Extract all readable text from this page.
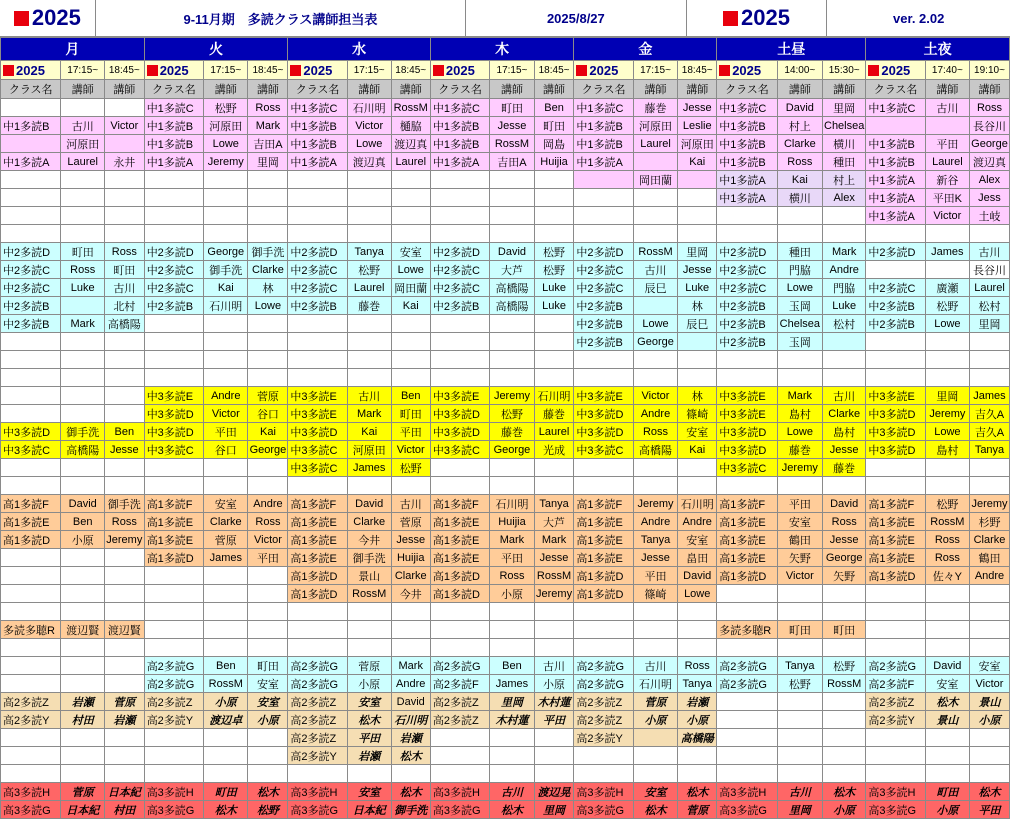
2025	9-11月期　多読クラス講師担当表	2025/8/27	2025	ver. 2.02
月			火			水			木			金			土昼			土夜		
2025	17:15~	18:45~	2025	17:15~	18:45~	2025	17:15~	18:45~	2025	17:15~	18:45~	2025	17:15~	18:45~	2025	14:00~	15:30~	2025	17:40~	19:10~
クラス名	講師	講師	クラス名	講師	講師	クラス名	講師	講師	クラス名	講師	講師	クラス名	講師	講師	クラス名	講師	講師	クラス名	講師	講師
			中1多読C	松野	Ross	中1多読C	石川明	RossM	中1多読C	町田	Ben	中1多読C	藤巻	Jesse	中1多読C	David	里岡	中1多読C	古川	Ross
中1多読B	古川	Victor	中1多読B	河原田	Mark	中1多読B	Victor	樋脇	中1多読B	Jesse	町田	中1多読B	河原田	Leslie	中1多読B	村上	Chelsea			長谷川
	河原田		中1多読B	Lowe	吉田A	中1多読B	Lowe	渡辺真	中1多読B	RossM	岡島	中1多読B	Laurel	河原田	中1多読B	Clarke	横川	中1多読B	平田	George
中1多読A	Laurel	永井	中1多読A	Jeremy	里岡	中1多読A	渡辺真	Laurel	中1多読A	吉田A	Huijia	中1多読A		Kai	中1多読B	Ross	種田	中1多読B	Laurel	渡辺真
													岡田蘭		中1多読A	Kai	村上	中1多読A	新谷	Alex
															中1多読A	横川	Alex	中1多読A	平田K	Jess
																		中1多読A	Victor	土岐

中2多読D	町田	Ross	中2多読D	George	御手洗	中2多読D	Tanya	安室	中2多読D	David	松野	中2多読D	RossM	里岡	中2多読D	種田	Mark	中2多読D	James	古川
中2多読C	Ross	町田	中2多読C	御手洗	Clarke	中2多読C	松野	Lowe	中2多読C	大芦	松野	中2多読C	古川	Jesse	中2多読C	門脇	Andre			長谷川
中2多読C	Luke	古川	中2多読C	Kai	林	中2多読C	Laurel	岡田蘭	中2多読C	高橋陽	Luke	中2多読C	辰巳	Luke	中2多読C	Lowe	門脇	中2多読C	廣瀬	Laurel
中2多読B		北村	中2多読B	石川明	Lowe	中2多読B	藤巻	Kai	中2多読B	高橋陽	Luke	中2多読B		林	中2多読B	玉岡	Luke	中2多読B	松野	松村
中2多読B	Mark	高橋陽										中2多読B	Lowe	辰巳	中2多読B	Chelsea	松村	中2多読B	Lowe	里岡
												中2多読B	George		中2多読B	玉岡				

			中3多読E	Andre	菅原	中3多読E	古川	Ben	中3多読E	Jeremy	石川明	中3多読E	Victor	林	中3多読E	Mark	古川	中3多読E	里岡	James
			中3多読D	Victor	谷口	中3多読E	Mark	町田	中3多読D	松野	藤巻	中3多読D	Andre	篠崎	中3多読E	島村	Clarke	中3多読D	Jeremy	吉久A
中3多読D	御手洗	Ben	中3多読D	平田	Kai	中3多読D	Kai	平田	中3多読D	藤巻	Laurel	中3多読D	Ross	安室	中3多読D	Lowe	島村	中3多読D	Lowe	吉久A
中3多読C	高橋陽	Jesse	中3多読C	谷口	George	中3多読C	河原田	Victor	中3多読C	George	光成	中3多読C	高橋陽	Kai	中3多読D	藤巻	Jesse	中3多読D	島村	Tanya
						中3多読C	James	松野							中3多読C	Jeremy	藤巻			

高1多読F	David	御手洗	高1多読F	安室	Andre	高1多読F	David	古川	高1多読F	石川明	Tanya	高1多読F	Jeremy	石川明	高1多読F	平田	David	高1多読F	松野	Jeremy
高1多読E	Ben	Ross	高1多読E	Clarke	Ross	高1多読E	Clarke	菅原	高1多読E	Huijia	大芦	高1多読E	Andre	Andre	高1多読E	安室	Ross	高1多読E	RossM	杉野
高1多読D	小原	Jeremy	高1多読E	菅原	Victor	高1多読E	今井	Jesse	高1多読E	Mark	Mark	高1多読E	Tanya	安室	高1多読E	鶴田	Jesse	高1多読E	Ross	Clarke
			高1多読D	James	平田	高1多読E	御手洗	Huijia	高1多読E	平田	Jesse	高1多読E	Jesse	畠田	高1多読E	矢野	George	高1多読E	Ross	鶴田
						高1多読D	景山	Clarke	高1多読D	Ross	RossM	高1多読D	平田	David	高1多読D	Victor	矢野	高1多読D	佐々Y	Andre
						高1多読D	RossM	今井	高1多読D	小原	Jeremy	高1多読D	篠崎	Lowe						

多読多聴R	渡辺賢	渡辺賢													多読多聴R	町田	町田			

			高2多読G	Ben	町田	高2多読G	菅原	Mark	高2多読G	Ben	古川	高2多読G	古川	Ross	高2多読G	Tanya	松野	高2多読G	David	安室
			高2多読G	RossM	安室	高2多読G	小原	Andre	高2多読F	James	小原	高2多読G	石川明	Tanya	高2多読G	松野	RossM	高2多読F	安室	Victor
高2多読Z	岩瀬	菅原	高2多読Z	小原	安室	高2多読Z	安室	David	高2多読Z	里岡	木村蓮	高2多読Z	菅原	岩瀬				高2多読Z	松木	景山
高2多読Y	村田	岩瀬	高2多読Y	渡辺卓	小原	高2多読Z	松木	石川明	高2多読Z	木村蓮	平田	高2多読Z	小原	小原				高2多読Y	景山	小原
						高2多読Z	平田	岩瀬				高2多読Y		高橋陽						
						高2多読Y	岩瀬	松木												

高3多読H	菅原	日本紀	高3多読H	町田	松木	高3多読H	安室	松木	高3多読H	古川	渡辺晃	高3多読H	安室	松木	高3多読H	古川	松木	高3多読H	町田	松木
高3多読G	日本紀	村田	高3多読G	松木	松野	高3多読G	日本紀	御手洗	高3多読G	松木	里岡	高3多読G	松木	菅原	高3多読G	里岡	小原	高3多読G	小原	平田
